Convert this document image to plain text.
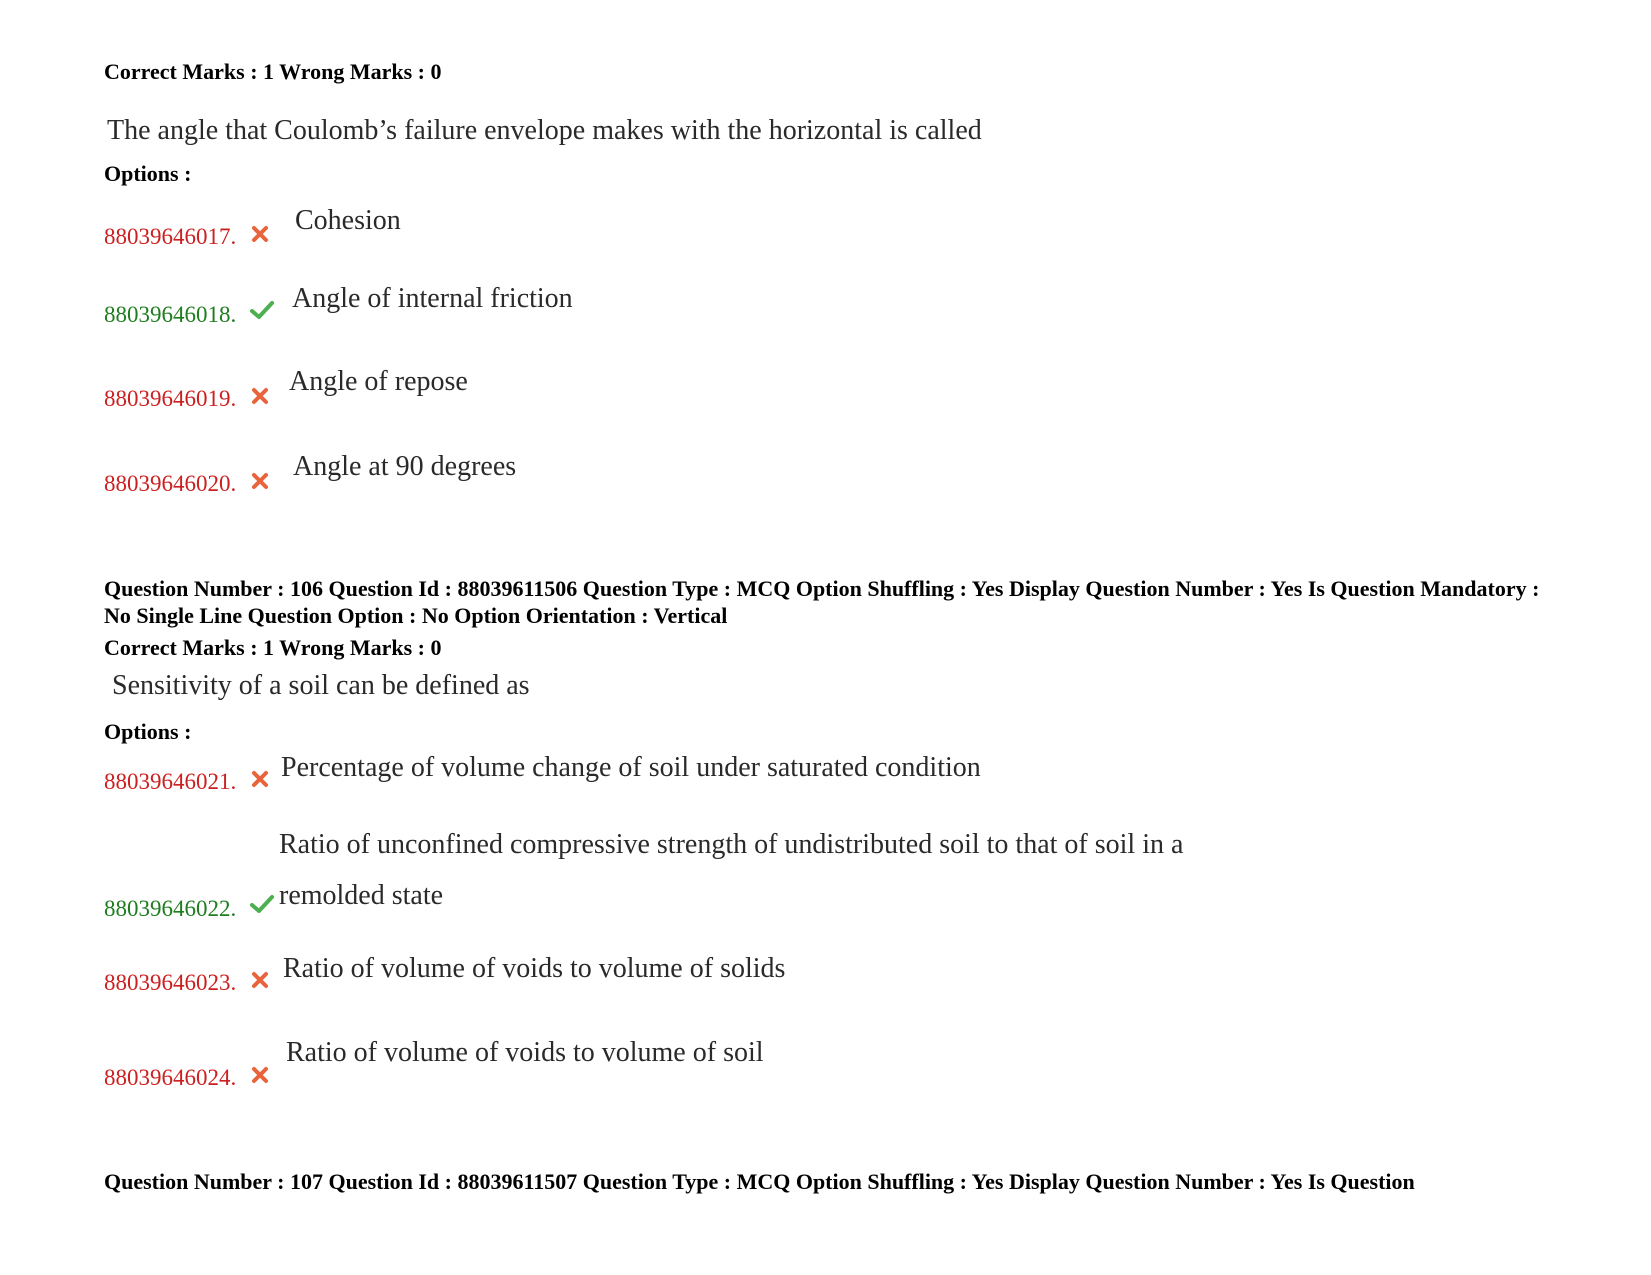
Correct Marks : 1 Wrong Marks : 0
The angle that Coulomb’s failure envelope makes with the horizontal is called
Options :
88039646017.
Cohesion
88039646018.
Angle of internal friction
88039646019.
Angle of repose
88039646020.
Angle at 90 degrees
Question Number : 106 Question Id : 88039611506 Question Type : MCQ Option Shuffling : Yes Display Question Number : Yes Is Question Mandatory : No Single Line Question Option : No Option Orientation : Vertical
Correct Marks : 1 Wrong Marks : 0
Sensitivity of a soil can be defined as
Options :
88039646021. Percentage of volume change of soil under saturated condition
Ratio of unconfined compressive strength of undistributed soil to that of soil in a
remolded state
88039646022.
88039646023. Ratio of volume of voids to volume of solids
88039646024.
Ratio of volume of voids to volume of soil
Question Number : 107 Question Id : 88039611507 Question Type : MCQ Option Shuffling : Yes Display Question Number : Yes Is Question
